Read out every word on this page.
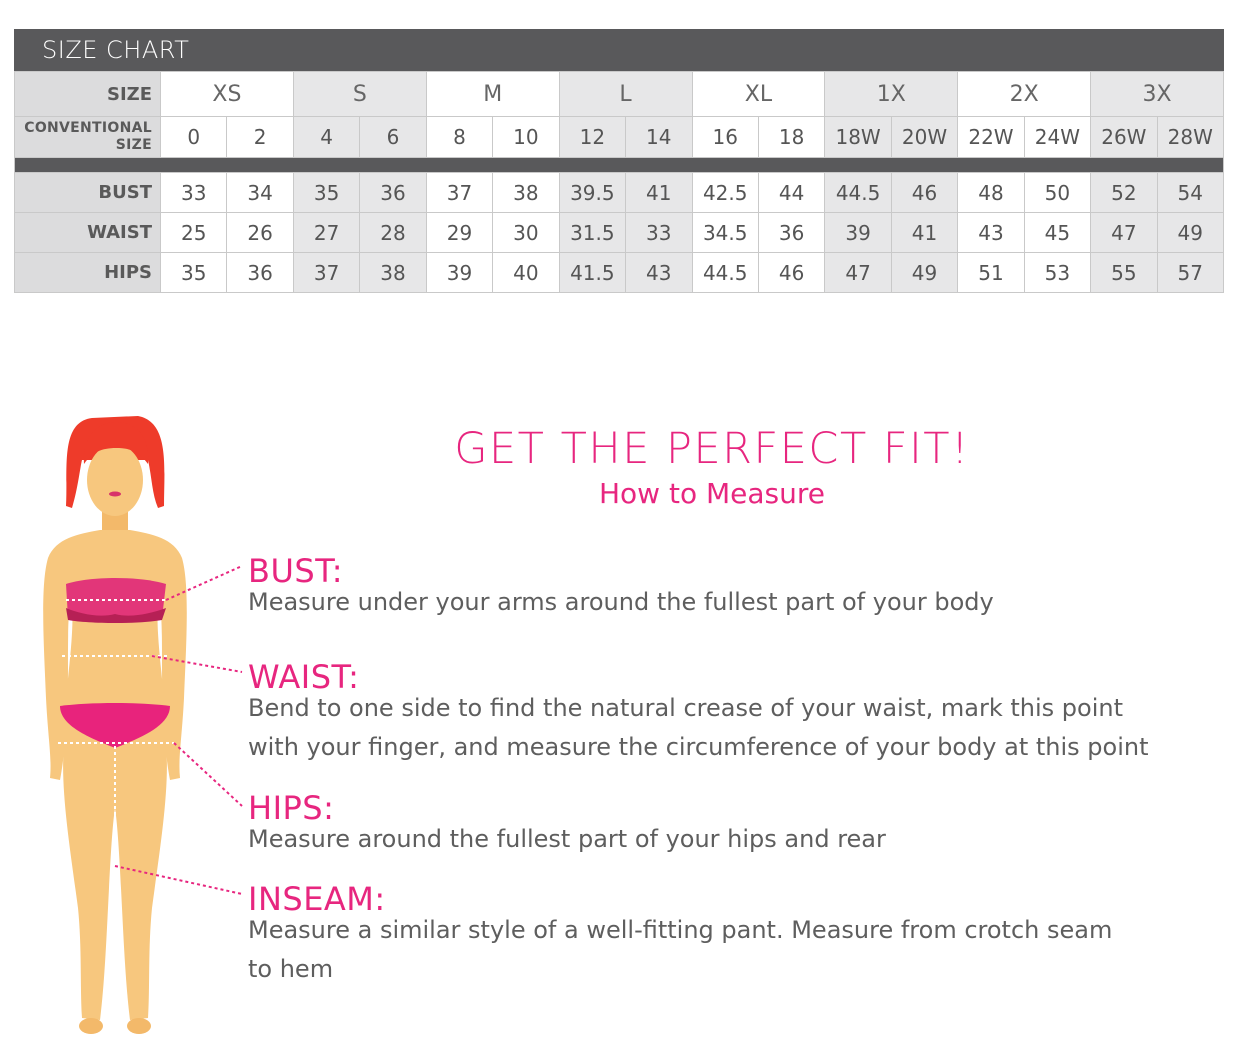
SIZE CHART
SIZE	XS		S		M		L		XL		1X		2X		3X	

CONVENTIONAL
SIZE	0	2	4	6	8	10	12	14	16	18	18W	20W	22W	24W	26W	28W

BUST	33	34	35	36	37	38	39.5	41	42.5	44	44.5	46	48	50	52	54
WAIST	25	26	27	28	29	30	31.5	33	34.5	36	39	41	43	45	47	49
HIPS	35	36	37	38	39	40	41.5	43	44.5	46	47	49	51	53	55	57
GET THE PERFECT FIT!
How to Measure
BUST:
Measure under your arms around the fullest part of your body
WAIST:
Bend to one side to find the natural crease of your waist, mark this point
with your finger, and measure the circumference of your body at this point
HIPS:
Measure around the fullest part of your hips and rear
INSEAM:
Measure a similar style of a well-fitting pant. Measure from crotch seam
to hem
